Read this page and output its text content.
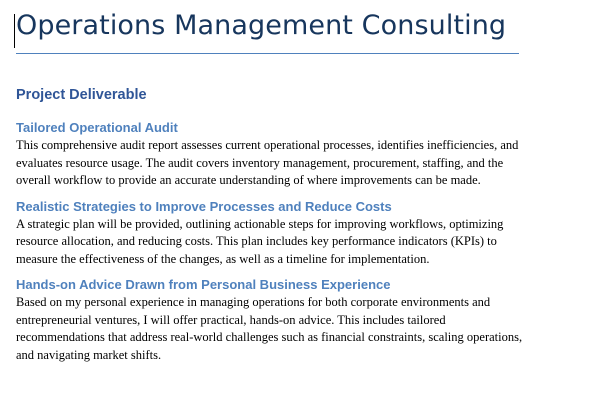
Operations Management Consulting
Project Deliverable
Tailored Operational Audit

This comprehensive audit report assesses current operational processes, identifies inefficiencies, and evaluates resource usage. The audit covers inventory management, procurement, staffing, and the overall workflow to provide an accurate understanding of where improvements can be made.

Realistic Strategies to Improve Processes and Reduce Costs

A strategic plan will be provided, outlining actionable steps for improving workflows, optimizing resource allocation, and reducing costs. This plan includes key performance indicators (KPIs) to measure the effectiveness of the changes, as well as a timeline for implementation.

Hands-on Advice Drawn from Personal Business Experience

Based on my personal experience in managing operations for both corporate environments and entrepreneurial ventures, I will offer practical, hands-on advice. This includes tailored recommendations that address real-world challenges such as financial constraints, scaling operations, and navigating market shifts.
